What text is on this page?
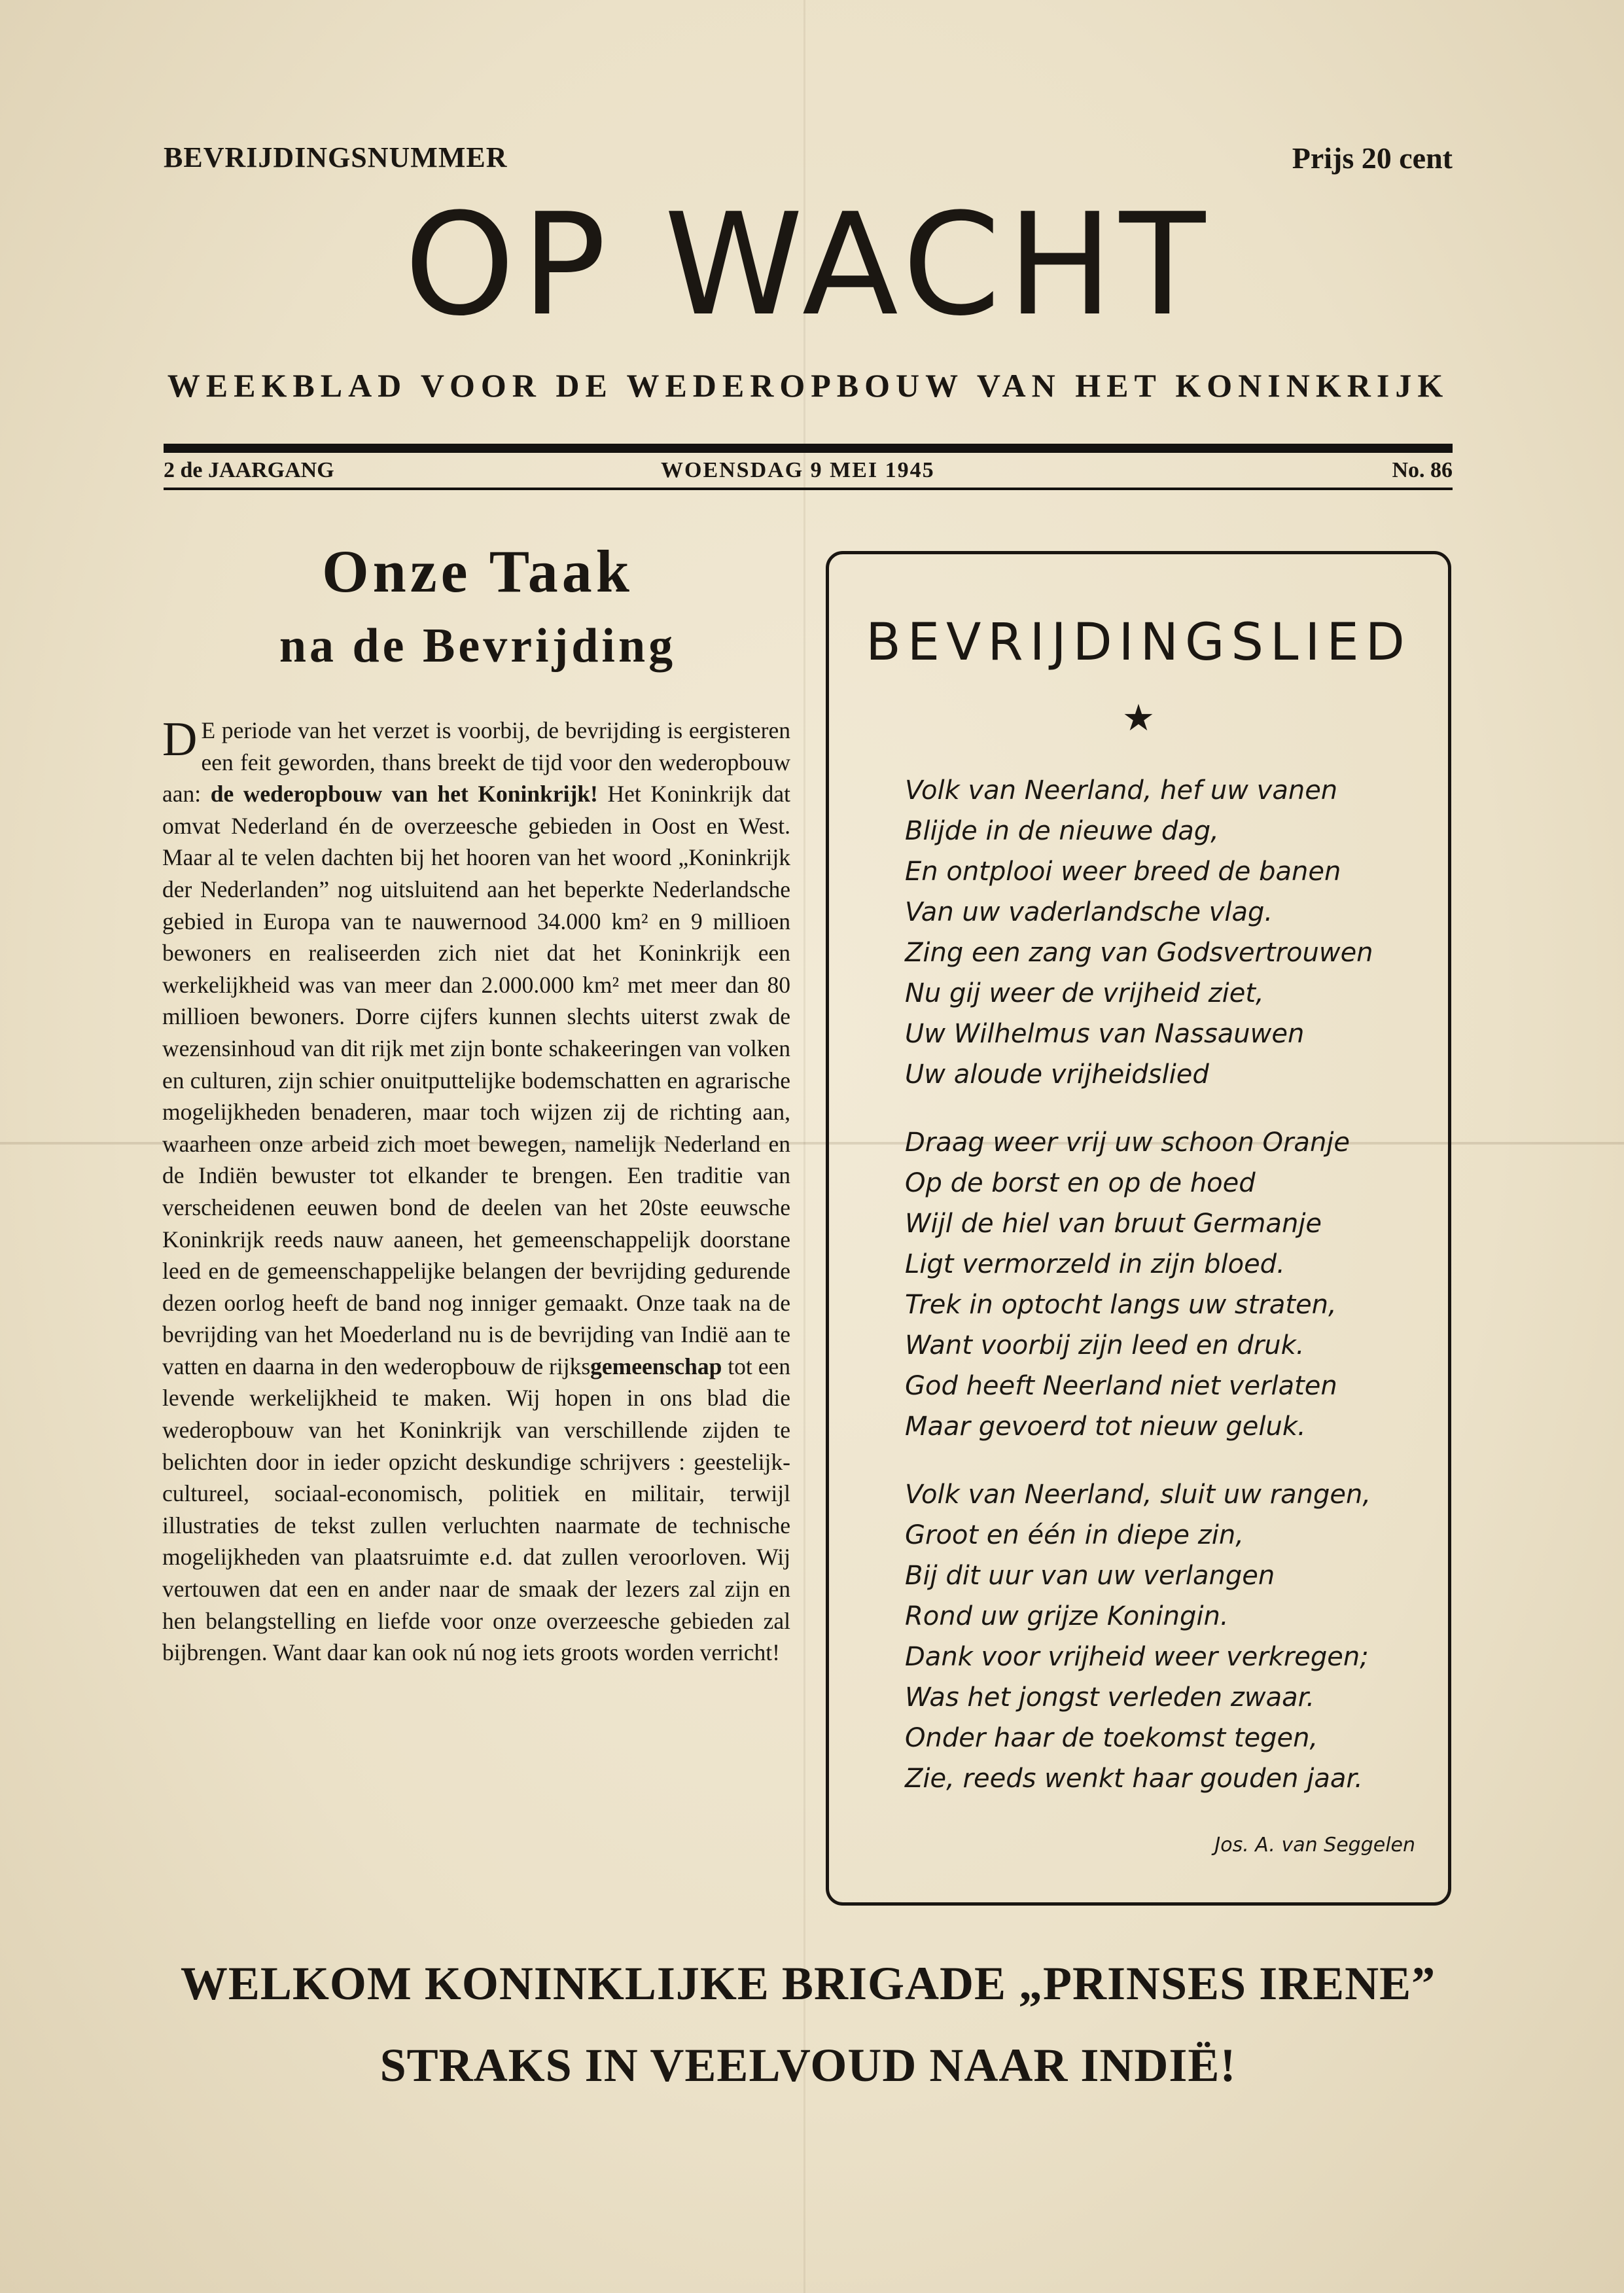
BEVRIJDINGSNUMMER	Prijs 20 cent
OP WACHT
WEEKBLAD VOOR DE WEDEROPBOUW VAN HET KONINKRIJK
2 de JAARGANG	WOENSDAG 9 MEI 1945	No. 86
Onze Taak
na de Bevrijding
D E periode van het verzet is voorbij, de bevrijding is eergisteren een feit geworden, thans breekt de tijd voor den wederopbouw aan: de wederopbouw van het Koninkrijk! Het Koninkrijk dat omvat Nederland én de overzeesche gebieden in Oost en West. Maar al te velen dachten bij het hooren van het woord „Koninkrijk der Nederlanden” nog uitsluitend aan het beperkte Nederlandsche gebied in Europa van te nauwernood 34.000 km² en 9 millioen bewoners en realiseerden zich niet dat het Koninkrijk een werkelijkheid was van meer dan 2.000.000 km² met meer dan 80 millioen bewoners. Dorre cijfers kunnen slechts uiterst zwak de wezensinhoud van dit rijk met zijn bonte schakeeringen van volken en culturen, zijn schier onuitputtelijke bodemschatten en agrarische mogelijkheden benaderen, maar toch wijzen zij de richting aan, waarheen onze arbeid zich moet bewegen, namelijk Nederland en de Indiën bewuster tot elkander te brengen. Een traditie van verscheidenen eeuwen bond de deelen van het 20ste eeuwsche Koninkrijk reeds nauw aaneen, het gemeenschappelijk doorstane leed en de gemeenschappelijke belangen der bevrijding gedurende dezen oorlog heeft de band nog inniger gemaakt. Onze taak na de bevrijding van het Moederland nu is de bevrijding van Indië aan te vatten en daarna in den wederopbouw de rijksgemeenschap tot een levende werkelijkheid te maken. Wij hopen in ons blad die wederopbouw van het Koninkrijk van verschillende zijden te belichten door in ieder opzicht deskundige schrijvers : geestelijk-cultureel, sociaal-economisch, politiek en militair, terwijl illustraties de tekst zullen verluchten naarmate de technische mogelijkheden van plaatsruimte e.d. dat zullen veroorloven. Wij vertouwen dat een en ander naar de smaak der lezers zal zijn en hen belangstelling en liefde voor onze overzeesche gebieden zal bijbrengen. Want daar kan ook nú nog iets groots worden verricht!
BEVRIJDINGSLIED
★
Volk van Neerland, hef uw vanen
Blijde in de nieuwe dag,
En ontplooi weer breed de banen
Van uw vaderlandsche vlag.
Zing een zang van Godsvertrouwen
Nu gij weer de vrijheid ziet,
Uw Wilhelmus van Nassauwen
Uw aloude vrijheidslied
Draag weer vrij uw schoon Oranje
Op de borst en op de hoed
Wijl de hiel van bruut Germanje
Ligt vermorzeld in zijn bloed.
Trek in optocht langs uw straten,
Want voorbij zijn leed en druk.
God heeft Neerland niet verlaten
Maar gevoerd tot nieuw geluk.
Volk van Neerland, sluit uw rangen,
Groot en één in diepe zin,
Bij dit uur van uw verlangen
Rond uw grijze Koningin.
Dank voor vrijheid weer verkregen;
Was het jongst verleden zwaar.
Onder haar de toekomst tegen,
Zie, reeds wenkt haar gouden jaar.
Jos. A. van Seggelen
WELKOM KONINKLIJKE BRIGADE „PRINSES IRENE”
STRAKS IN VEELVOUD NAAR INDIË!
